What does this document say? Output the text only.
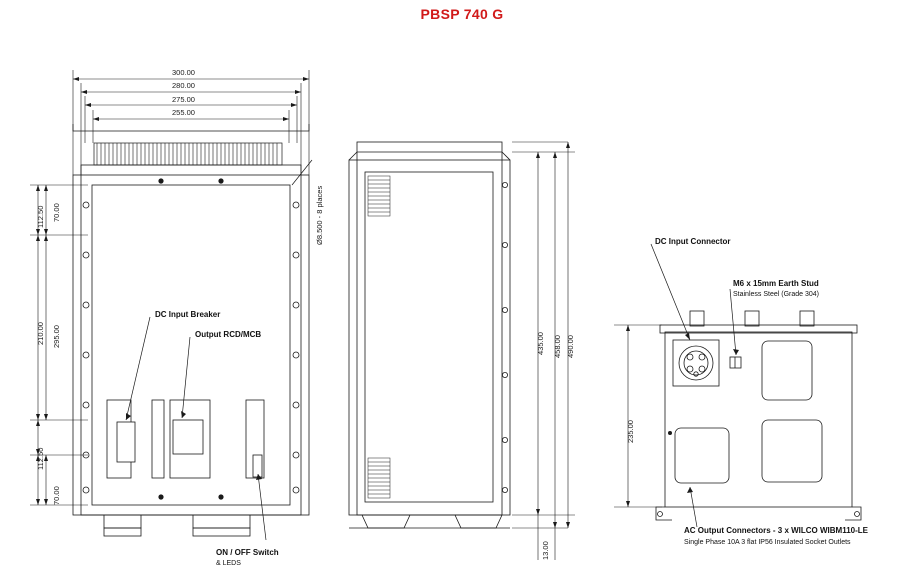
PBSP 740 G
300.00
280.00
275.00
255.00
Ø8.500 - 8 places
112.50 70.00
210.00 295.00
112.50
70.00
DC Input Breaker
Output RCD/MCB
ON / OFF Switch
& LEDS
435.00 458.00 490.00
13.00
235.00
DC Input Connector
M6 x 15mm Earth Stud
Stainless Steel (Grade 304)
AC Output Connectors - 3 x WILCO WIBM110-LE
Single Phase 10A 3 flat IP56 Insulated Socket Outlets
